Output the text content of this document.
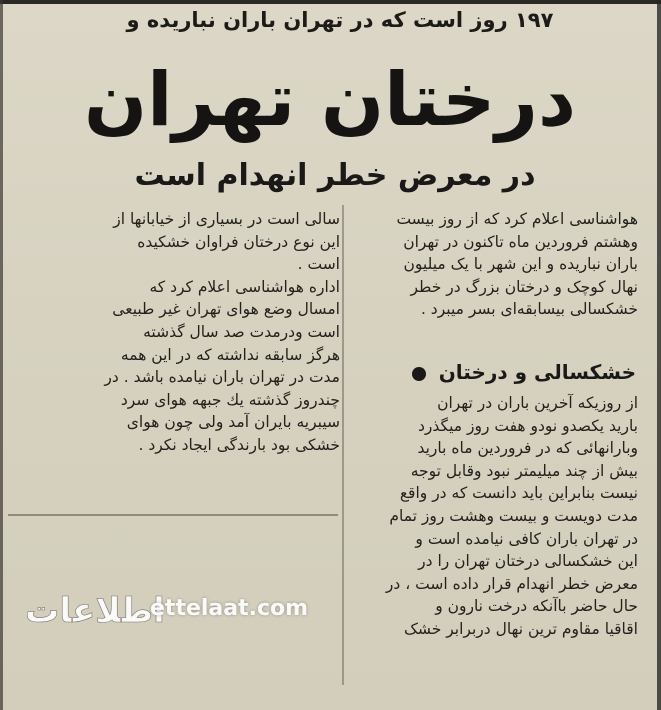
۱۹۷ روز است که در تهران باران نباریده و
درختان تهران
در معرض خطر انهدام است

هواشناسی اعلام کرد که از روز بیست

وهشتم فروردین ماه تاکنون در تهران

باران نباریده و این شهر با یک میلیون

نهال کوچک و درختان بزرگ در خطر

خشکسالی بیسابقه‌ای بسر میبرد .

خشکسالی و درختان

از روزیکه آخرین باران در تهران

بارید یکصدو نودو هفت روز میگذرد

وبارانهائی که در فروردین ماه بارید

بیش از چند میلیمتر نبود وقابل توجه

نیست بنابراین باید دانست که در واقع

مدت دویست و بیست وهشت روز تمام

در تهران باران کافی نیامده است و

این خشکسالی درختان تهران را در

معرض خطر انهدام قرار داده است ، در

حال حاضر باآنکه درخت نارون و

اقاقیا مقاوم ترین نهال دربرابر خشک

سالی است در بسیاری از خیابانها از

این نوع درختان فراوان خشکیده

است .

اداره هواشناسی اعلام کرد که

امسال وضع هوای تهران غیر طبیعی

است ودرمدت صد سال گذشته

هرگز سابقه نداشته که در این همه

مدت در تهران باران نیامده باشد . در

چندروز گذشته یك جبهه هوای سرد

سیبریه بایران آمد ولی چون هوای

خشکی بود بارندگی ایجاد نکرد .

اطلاعات
ettelaat.com
